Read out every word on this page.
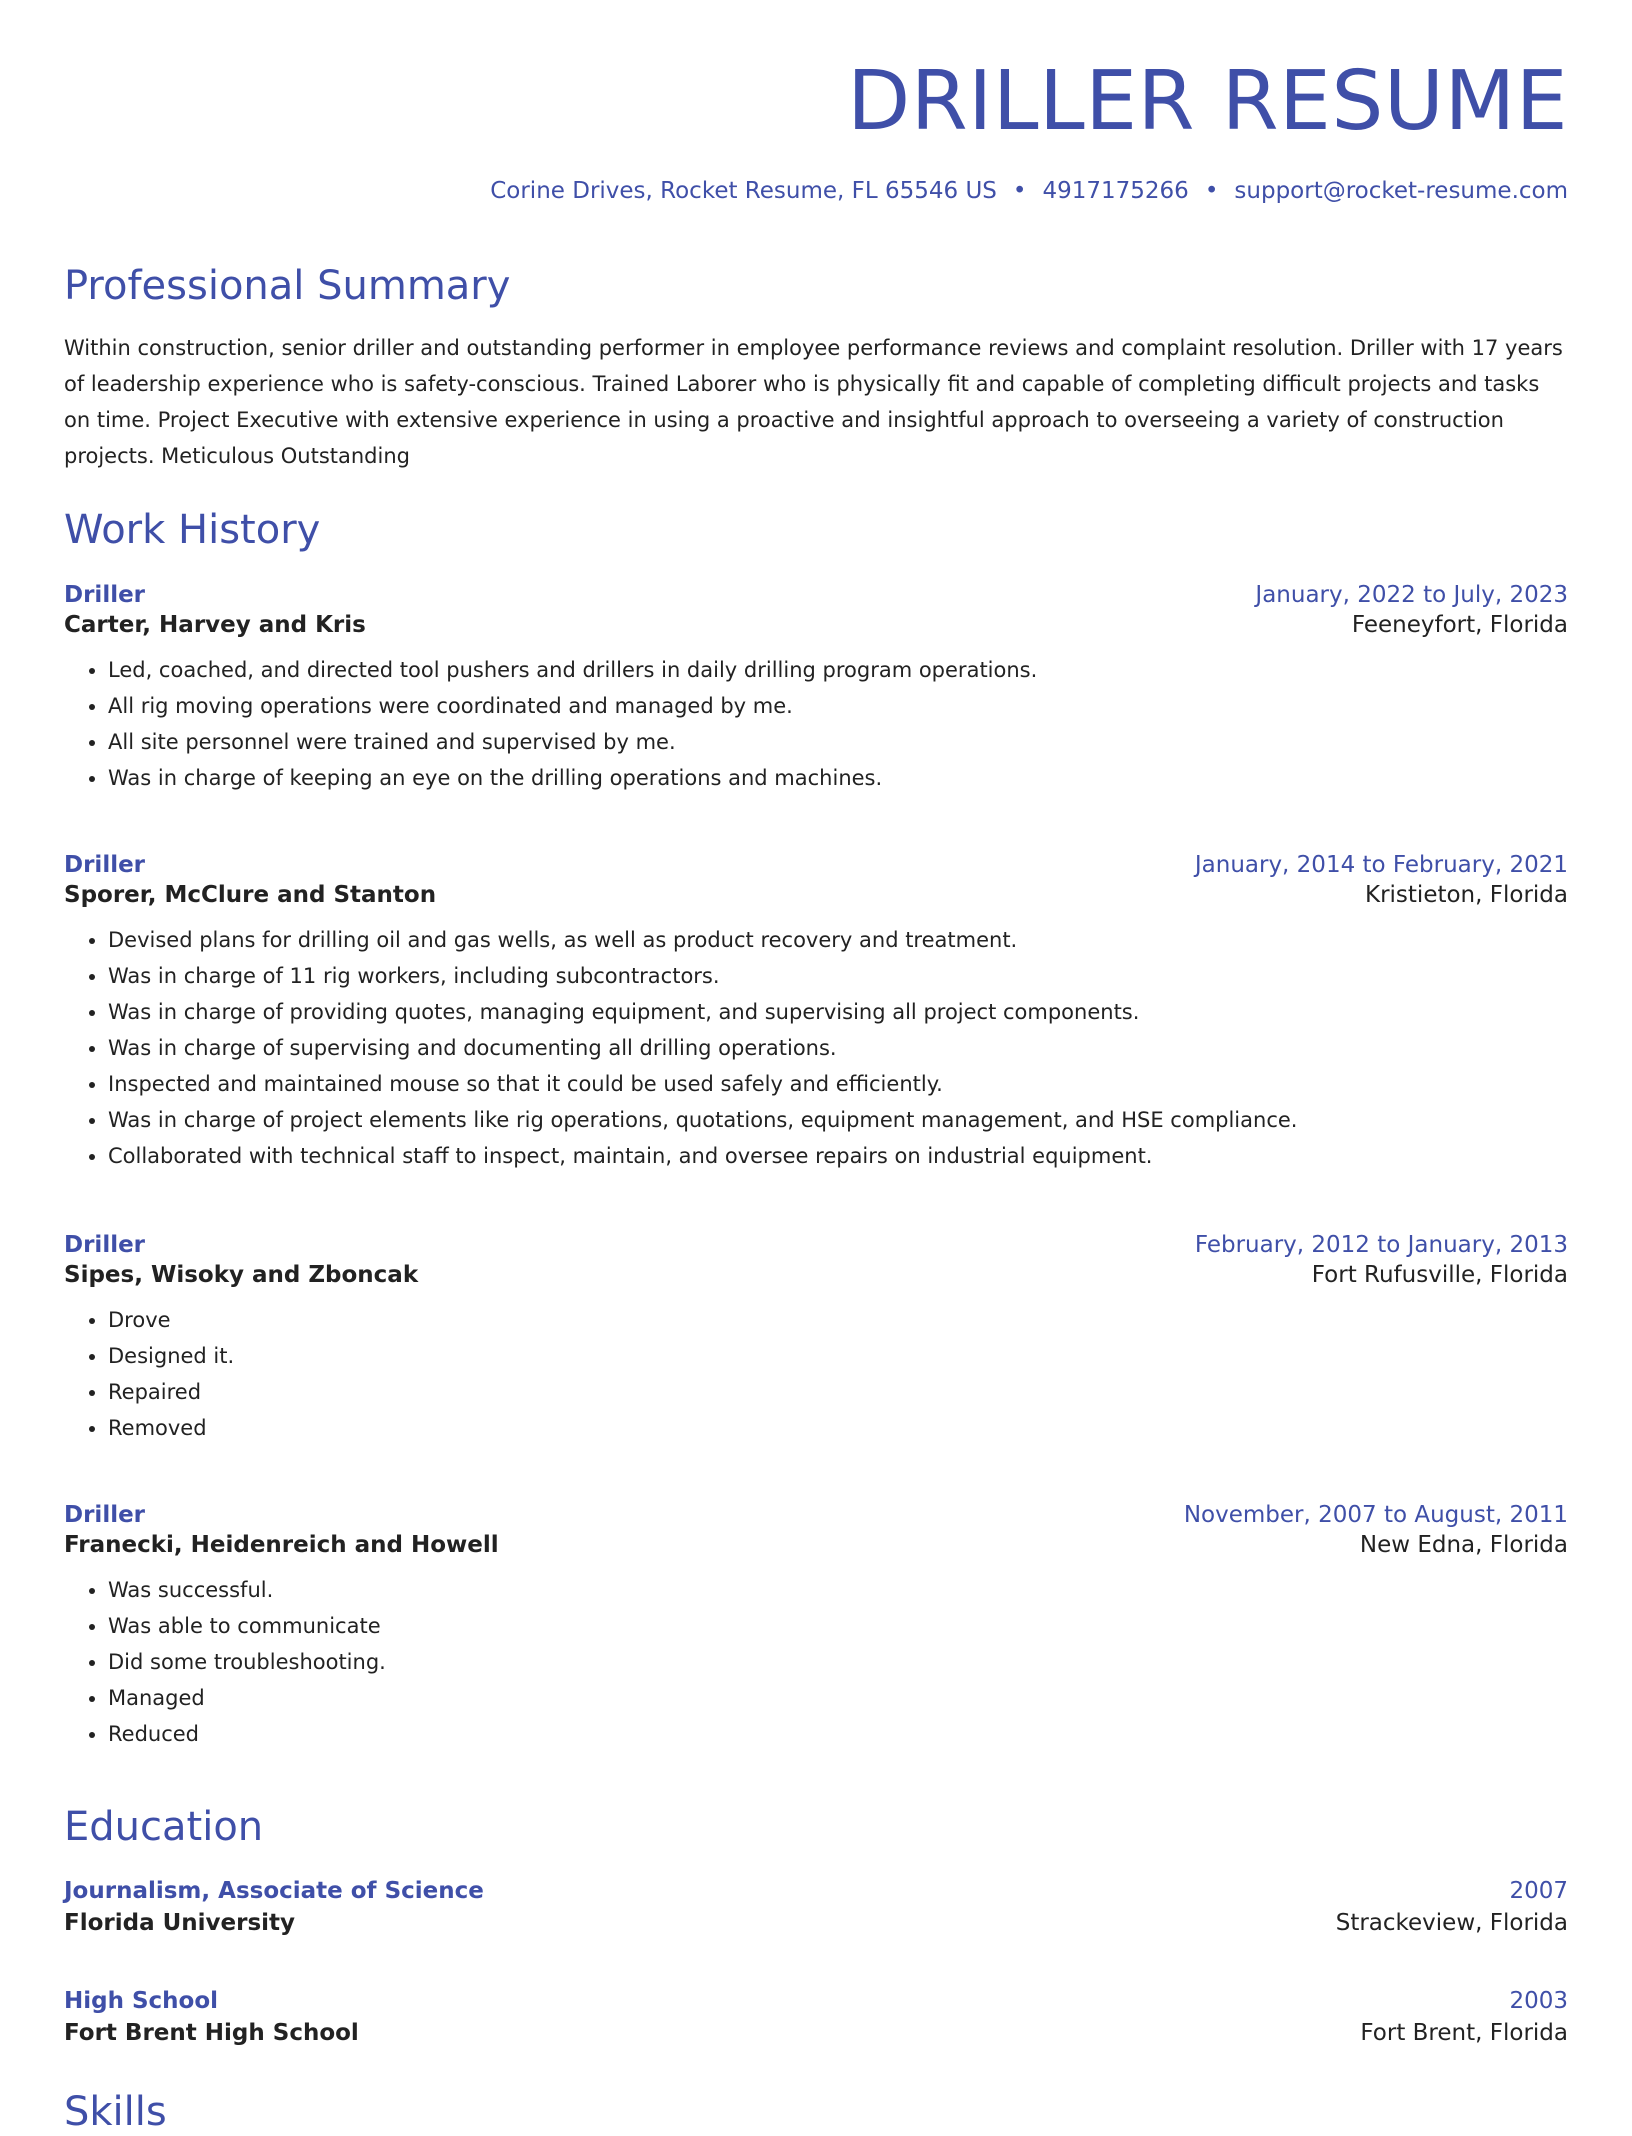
DRILLER RESUME
Corine Drives, Rocket Resume, FL 65546 US • 4917175266 • support@rocket-resume.com
Professional Summary

Within construction, senior driller and outstanding performer in employee performance reviews and complaint resolution. Driller with 17 years of leadership experience who is safety-conscious. Trained Laborer who is physically fit and capable of completing difficult projects and tasks on time. Project Executive with extensive experience in using a proactive and insightful approach to overseeing a variety of construction projects. Meticulous Outstanding

Work History
Driller	January, 2022 to July, 2023
Carter, Harvey and Kris	Feeneyfort, Florida
• Led, coached, and directed tool pushers and drillers in daily drilling program operations.
• All rig moving operations were coordinated and managed by me.
• All site personnel were trained and supervised by me.
• Was in charge of keeping an eye on the drilling operations and machines.
Driller	January, 2014 to February, 2021
Sporer, McClure and Stanton	Kristieton, Florida
• Devised plans for drilling oil and gas wells, as well as product recovery and treatment.
• Was in charge of 11 rig workers, including subcontractors.
• Was in charge of providing quotes, managing equipment, and supervising all project components.
• Was in charge of supervising and documenting all drilling operations.
• Inspected and maintained mouse so that it could be used safely and efficiently.
• Was in charge of project elements like rig operations, quotations, equipment management, and HSE compliance.
• Collaborated with technical staff to inspect, maintain, and oversee repairs on industrial equipment.
Driller	February, 2012 to January, 2013
Sipes, Wisoky and Zboncak	Fort Rufusville, Florida
• Drove
• Designed it.
• Repaired
• Removed
Driller	November, 2007 to August, 2011
Franecki, Heidenreich and Howell	New Edna, Florida
• Was successful.
• Was able to communicate
• Did some troubleshooting.
• Managed
• Reduced
Education
Journalism, Associate of Science	2007
Florida University	Strackeview, Florida
High School	2003
Fort Brent High School	Fort Brent, Florida
Skills
